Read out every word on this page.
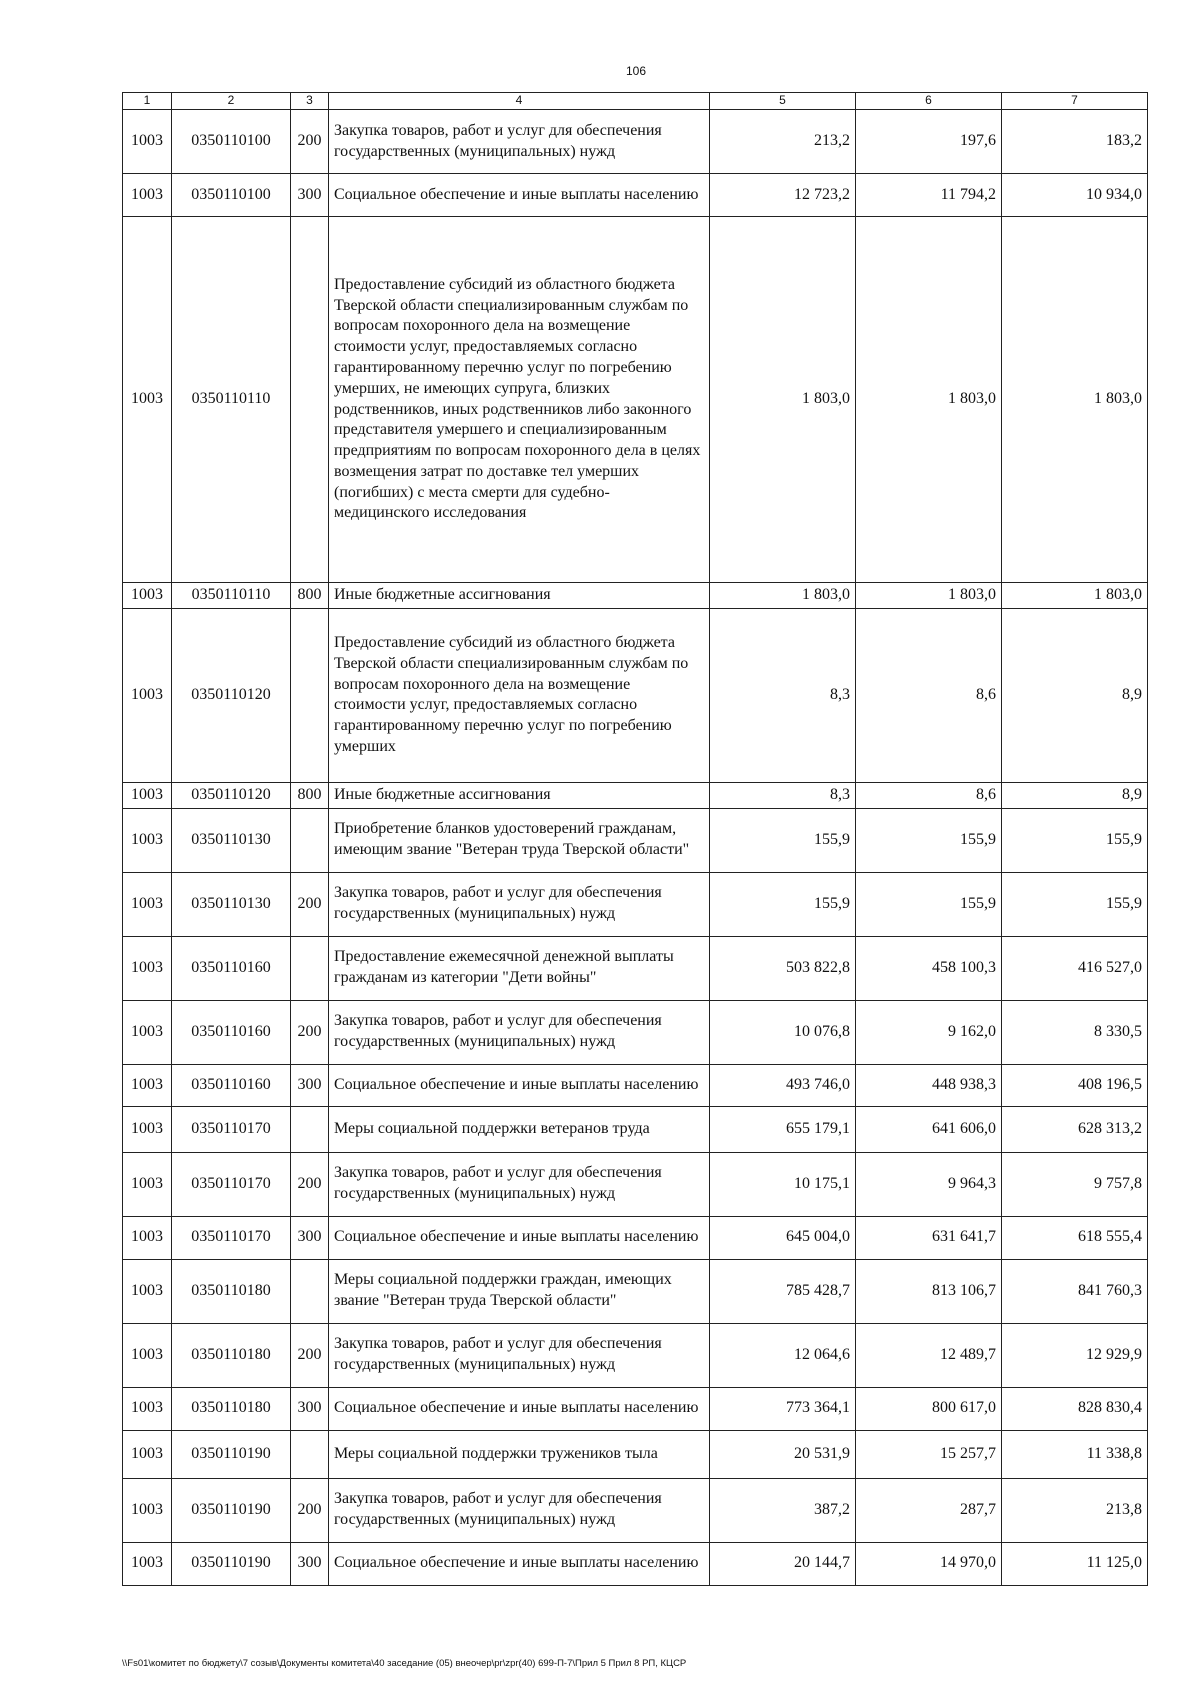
106
1	2	3	4	5	6	7
1003	0350110100	200	Закупка товаров, работ и услуг для обеспечения государственных (муниципальных) нужд	213,2	197,6	183,2
1003	0350110100	300	Социальное обеспечение и иные выплаты населению	12 723,2	11 794,2	10 934,0
1003	0350110110		Предоставление субсидий из областного бюджета Тверской области специализированным службам по вопросам похоронного дела на возмещение стоимости услуг, предоставляемых согласно гарантированному перечню услуг по погребению умерших, не имеющих супруга, близких родственников, иных родственников либо законного представителя умершего и специализированным предприятиям по вопросам похоронного дела в целях возмещения затрат по доставке тел умерших (погибших) с места смерти для судебно-медицинского исследования	1 803,0	1 803,0	1 803,0
1003	0350110110	800	Иные бюджетные ассигнования	1 803,0	1 803,0	1 803,0
1003	0350110120		Предоставление субсидий из областного бюджета Тверской области специализированным службам по вопросам похоронного дела на возмещение стоимости услуг, предоставляемых согласно гарантированному перечню услуг по погребению умерших	8,3	8,6	8,9
1003	0350110120	800	Иные бюджетные ассигнования	8,3	8,6	8,9
1003	0350110130		Приобретение бланков удостоверений гражданам, имеющим звание "Ветеран труда Тверской области"	155,9	155,9	155,9
1003	0350110130	200	Закупка товаров, работ и услуг для обеспечения государственных (муниципальных) нужд	155,9	155,9	155,9
1003	0350110160		Предоставление ежемесячной денежной выплаты гражданам из категории "Дети войны"	503 822,8	458 100,3	416 527,0
1003	0350110160	200	Закупка товаров, работ и услуг для обеспечения государственных (муниципальных) нужд	10 076,8	9 162,0	8 330,5
1003	0350110160	300	Социальное обеспечение и иные выплаты населению	493 746,0	448 938,3	408 196,5
1003	0350110170		Меры социальной поддержки ветеранов труда	655 179,1	641 606,0	628 313,2
1003	0350110170	200	Закупка товаров, работ и услуг для обеспечения государственных (муниципальных) нужд	10 175,1	9 964,3	9 757,8
1003	0350110170	300	Социальное обеспечение и иные выплаты населению	645 004,0	631 641,7	618 555,4
1003	0350110180		Меры социальной поддержки граждан, имеющих звание "Ветеран труда Тверской области"	785 428,7	813 106,7	841 760,3
1003	0350110180	200	Закупка товаров, работ и услуг для обеспечения государственных (муниципальных) нужд	12 064,6	12 489,7	12 929,9
1003	0350110180	300	Социальное обеспечение и иные выплаты населению	773 364,1	800 617,0	828 830,4
1003	0350110190		Меры социальной поддержки тружеников тыла	20 531,9	15 257,7	11 338,8
1003	0350110190	200	Закупка товаров, работ и услуг для обеспечения государственных (муниципальных) нужд	387,2	287,7	213,8
1003	0350110190	300	Социальное обеспечение и иные выплаты населению	20 144,7	14 970,0	11 125,0
\\Fs01\комитет по бюджету\7 созыв\Документы комитета\40 заседание (05) внеочер\pr\zpr(40) 699-П-7\Прил 5 Прил 8 РП, КЦСР
